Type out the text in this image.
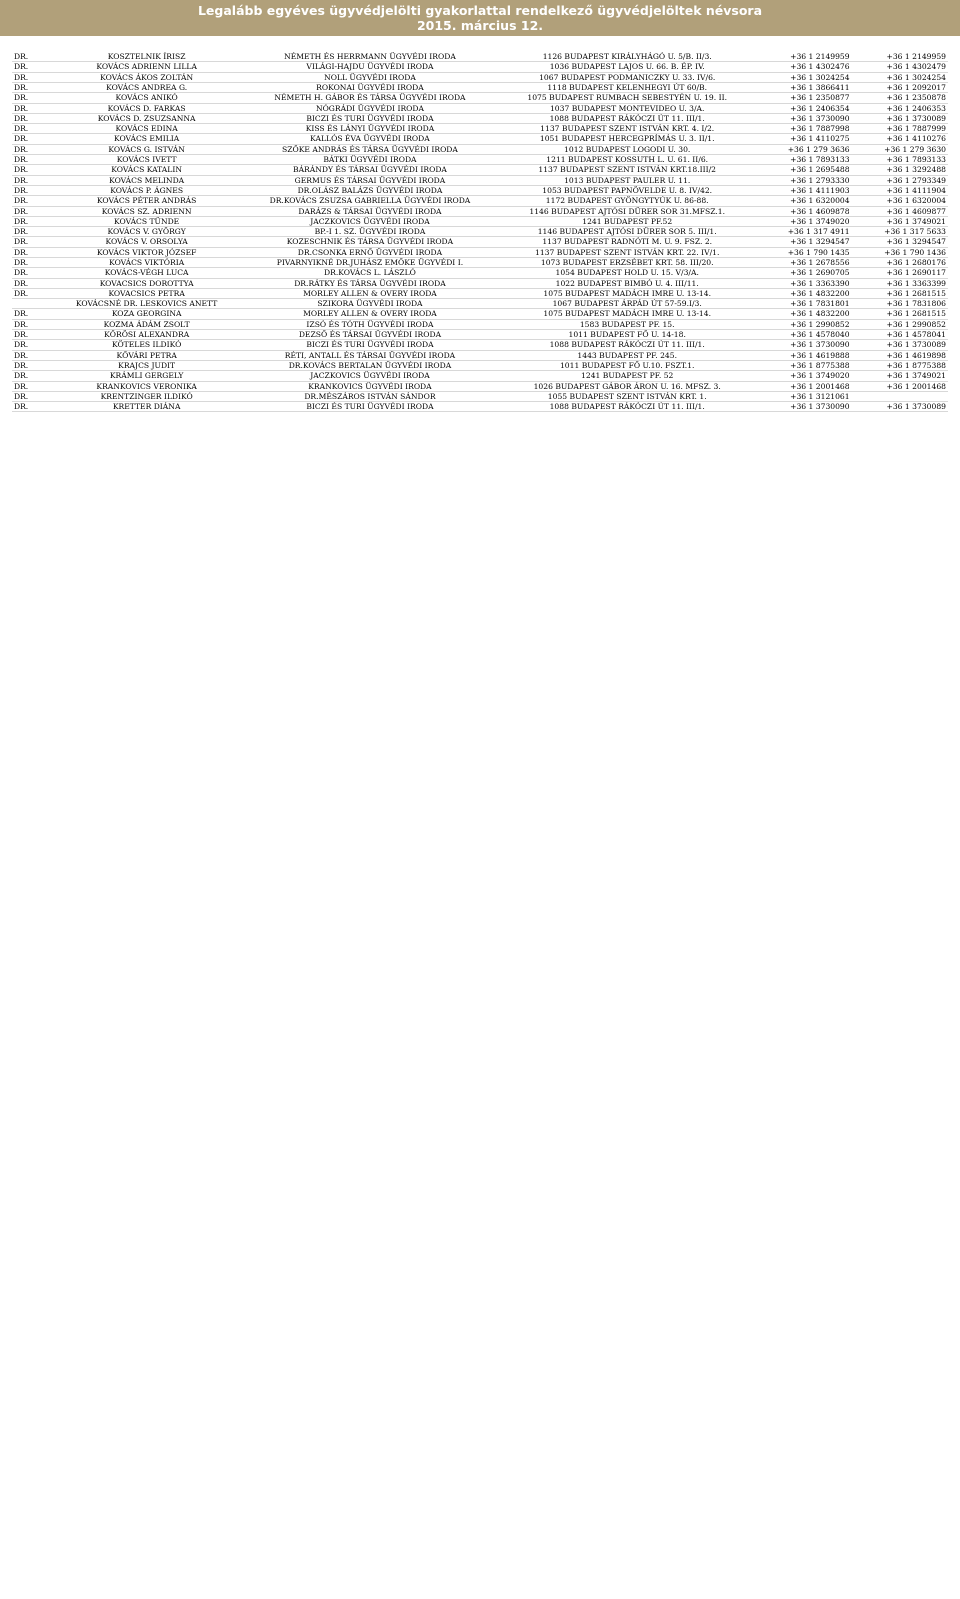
Legalább egyéves ügyvédjelölti gyakorlattal rendelkező ügyvédjelöltek névsora
2015. március 12.
DR.	KOSZTELNIK ÍRISZ	NÉMETH ÉS HERRMANN ÜGYVÉDI IRODA	1126 BUDAPEST KIRÁLYHÁGÓ U. 5/B. II/3.	+36 1 2149959	+36 1 2149959
DR.	KOVÁCS ADRIENN LILLA	VILÁGI-HAJDU ÜGYVÉDI IRODA	1036 BUDAPEST LAJOS U. 66. B. ÉP. IV.	+36 1 4302476	+36 1 4302479
DR.	KOVÁCS ÁKOS ZOLTÁN	NOLL ÜGYVÉDI IRODA	1067 BUDAPEST PODMANICZKY U. 33. IV/6.	+36 1 3024254	+36 1 3024254
DR.	KOVÁCS ANDREA G.	ROKONAI ÜGYVÉDI IRODA	1118 BUDAPEST KELENHEGYI ÚT 60/B.	+36 1 3866411	+36 1 2092017
DR.	KOVÁCS ANIKÓ	NÉMETH H. GÁBOR ÉS TÁRSA ÜGYVÉDI IRODA	1075 BUDAPEST RUMBACH SEBESTYÉN U. 19. II.	+36 1 2350877	+36 1 2350878
DR.	KOVÁCS D. FARKAS	NÓGRÁDI ÜGYVÉDI IRODA	1037 BUDAPEST MONTEVIDEO U. 3/A.	+36 1 2406354	+36 1 2406353
DR.	KOVÁCS D. ZSUZSANNA	BICZI ÉS TURI ÜGYVÉDI IRODA	1088 BUDAPEST RÁKÓCZI ÚT 11. III/1.	+36 1 3730090	+36 1 3730089
DR.	KOVÁCS EDINA	KISS ÉS LÁNYI ÜGYVÉDI IRODA	1137 BUDAPEST SZENT ISTVÁN KRT. 4. I/2.	+36 1 7887998	+36 1 7887999
DR.	KOVÁCS EMILIA	KALLÓS ÉVA ÜGYVÉDI IRODA	1051 BUDAPEST HERCEGPRÍMÁS U. 3. II/1.	+36 1 4110275	+36 1 4110276
DR.	KOVÁCS G. ISTVÁN	SZŐKE ANDRÁS ÉS TÁRSA ÜGYVÉDI IRODA	1012 BUDAPEST LOGODI U. 30.	+36 1 279 3636	+36 1 279 3630
DR.	KOVÁCS IVETT	BÁTKI ÜGYVÉDI IRODA	1211 BUDAPEST KOSSUTH L. U. 61. II/6.	+36 1 7893133	+36 1 7893133
DR.	KOVÁCS KATALIN	BÁRÁNDY ÉS TÁRSAI ÜGYVÉDI IRODA	1137 BUDAPEST SZENT ISTVÁN KRT.18.III/2	+36 1 2695488	+36 1 3292488
DR.	KOVÁCS MELINDA	GERMUS ÉS TÁRSAI ÜGYVÉDI IRODA	1013 BUDAPEST PAULER U. 11.	+36 1 2793330	+36 1 2793349
DR.	KOVÁCS P. ÁGNES	DR.OLÁSZ BALÁZS ÜGYVÉDI IRODA	1053 BUDAPEST PAPNÖVELDE U. 8. IV/42.	+36 1 4111903	+36 1 4111904
DR.	KOVÁCS PÉTER ANDRÁS	DR.KOVÁCS ZSUZSA GABRIELLA ÜGYVÉDI IRODA	1172 BUDAPEST GYÖNGYTYÚK U. 86-88.	+36 1 6320004	+36 1 6320004
DR.	KOVÁCS SZ. ADRIENN	DARÁZS & TÁRSAI ÜGYVÉDI IRODA	1146 BUDAPEST AJTÓSI DÜRER SOR 31.MFSZ.1.	+36 1 4609878	+36 1 4609877
DR.	KOVÁCS TÜNDE	JACZKOVICS ÜGYVÉDI IRODA	1241 BUDAPEST PF.52	+36 1 3749020	+36 1 3749021
DR.	KOVÁCS V. GYÖRGY	BP.-I 1. SZ. ÜGYVÉDI IRODA	1146 BUDAPEST AJTÓSI DÜRER SOR 5. III/1.	+36 1 317 4911	+36 1 317 5633
DR.	KOVÁCS V. ORSOLYA	KOZESCHNIK ÉS TÁRSA ÜGYVÉDI IRODA	1137 BUDAPEST RADNÓTI M. U. 9. FSZ. 2.	+36 1 3294547	+36 1 3294547
DR.	KOVÁCS VIKTOR JÓZSEF	DR.CSONKA ERNŐ ÜGYVÉDI IRODA	1137 BUDAPEST SZENT ISTVÁN KRT. 22. IV/1.	+36 1 790 1435	+36 1 790 1436
DR.	KOVÁCS VIKTÓRIA	PIVARNYIKNÉ DR.JUHÁSZ EMŐKE ÜGYVÉDI I.	1073 BUDAPEST ERZSÉBET KRT. 58. III/20.	+36 1 2678556	+36 1 2680176
DR.	KOVÁCS-VÉGH LUCA	DR.KOVÁCS L. LÁSZLÓ	1054 BUDAPEST HOLD U. 15. V/3/A.	+36 1 2690705	+36 1 2690117
DR.	KOVACSICS DOROTTYA	DR.RÁTKY ÉS TÁRSA ÜGYVÉDI IRODA	1022 BUDAPEST BIMBÓ U. 4. III/11.	+36 1 3363390	+36 1 3363399
DR.	KOVACSICS PETRA	MORLEY ALLEN & OVERY IRODA	1075 BUDAPEST MADÁCH IMRE U. 13-14.	+36 1 4832200	+36 1 2681515
	KOVÁCSNÉ DR. LESKOVICS ANETT	SZIKORA ÜGYVÉDI IRODA	1067 BUDAPEST ÁRPÁD ÚT 57-59.I/3.	+36 1 7831801	+36 1 7831806
DR.	KOZA GEORGINA	MORLEY ALLEN & OVERY IRODA	1075 BUDAPEST MADÁCH IMRE U. 13-14.	+36 1 4832200	+36 1 2681515
DR.	KOZMA ÁDÁM ZSOLT	IZSÓ ÉS TÓTH ÜGYVÉDI IRODA	1583 BUDAPEST PF. 15.	+36 1 2990852	+36 1 2990852
DR.	KŐRÖSI ALEXANDRA	DEZSŐ ÉS TÁRSAI ÜGYVÉDI IRODA	1011 BUDAPEST FŐ U. 14-18.	+36 1 4578040	+36 1 4578041
DR.	KÖTELES ILDIKÓ	BICZI ÉS TURI ÜGYVÉDI IRODA	1088 BUDAPEST RÁKÓCZI ÚT 11. III/1.	+36 1 3730090	+36 1 3730089
DR.	KŐVÁRI PETRA	RÉTI, ANTALL ÉS TÁRSAI ÜGYVÉDI IRODA	1443 BUDAPEST PF. 245.	+36 1 4619888	+36 1 4619898
DR.	KRAJCS JUDIT	DR.KOVÁCS BERTALAN ÜGYVÉDI IRODA	1011 BUDAPEST FŐ U.10. FSZT.1.	+36 1 8775388	+36 1 8775388
DR.	KRÁMLI GERGELY	JACZKOVICS ÜGYVÉDI IRODA	1241 BUDAPEST PF. 52	+36 1 3749020	+36 1 3749021
DR.	KRANKOVICS VERONIKA	KRANKOVICS ÜGYVÉDI IRODA	1026 BUDAPEST GÁBOR ÁRON U. 16. MFSZ. 3.	+36 1 2001468	+36 1 2001468
DR.	KRENTZINGER ILDIKÓ	DR.MÉSZÁROS ISTVÁN SÁNDOR	1055 BUDAPEST SZENT ISTVÁN KRT. 1.	+36 1 3121061	
DR.	KRETTER DIÁNA	BICZI ÉS TURI ÜGYVÉDI IRODA	1088 BUDAPEST RÁKÓCZI ÚT 11. III/1.	+36 1 3730090	+36 1 3730089
